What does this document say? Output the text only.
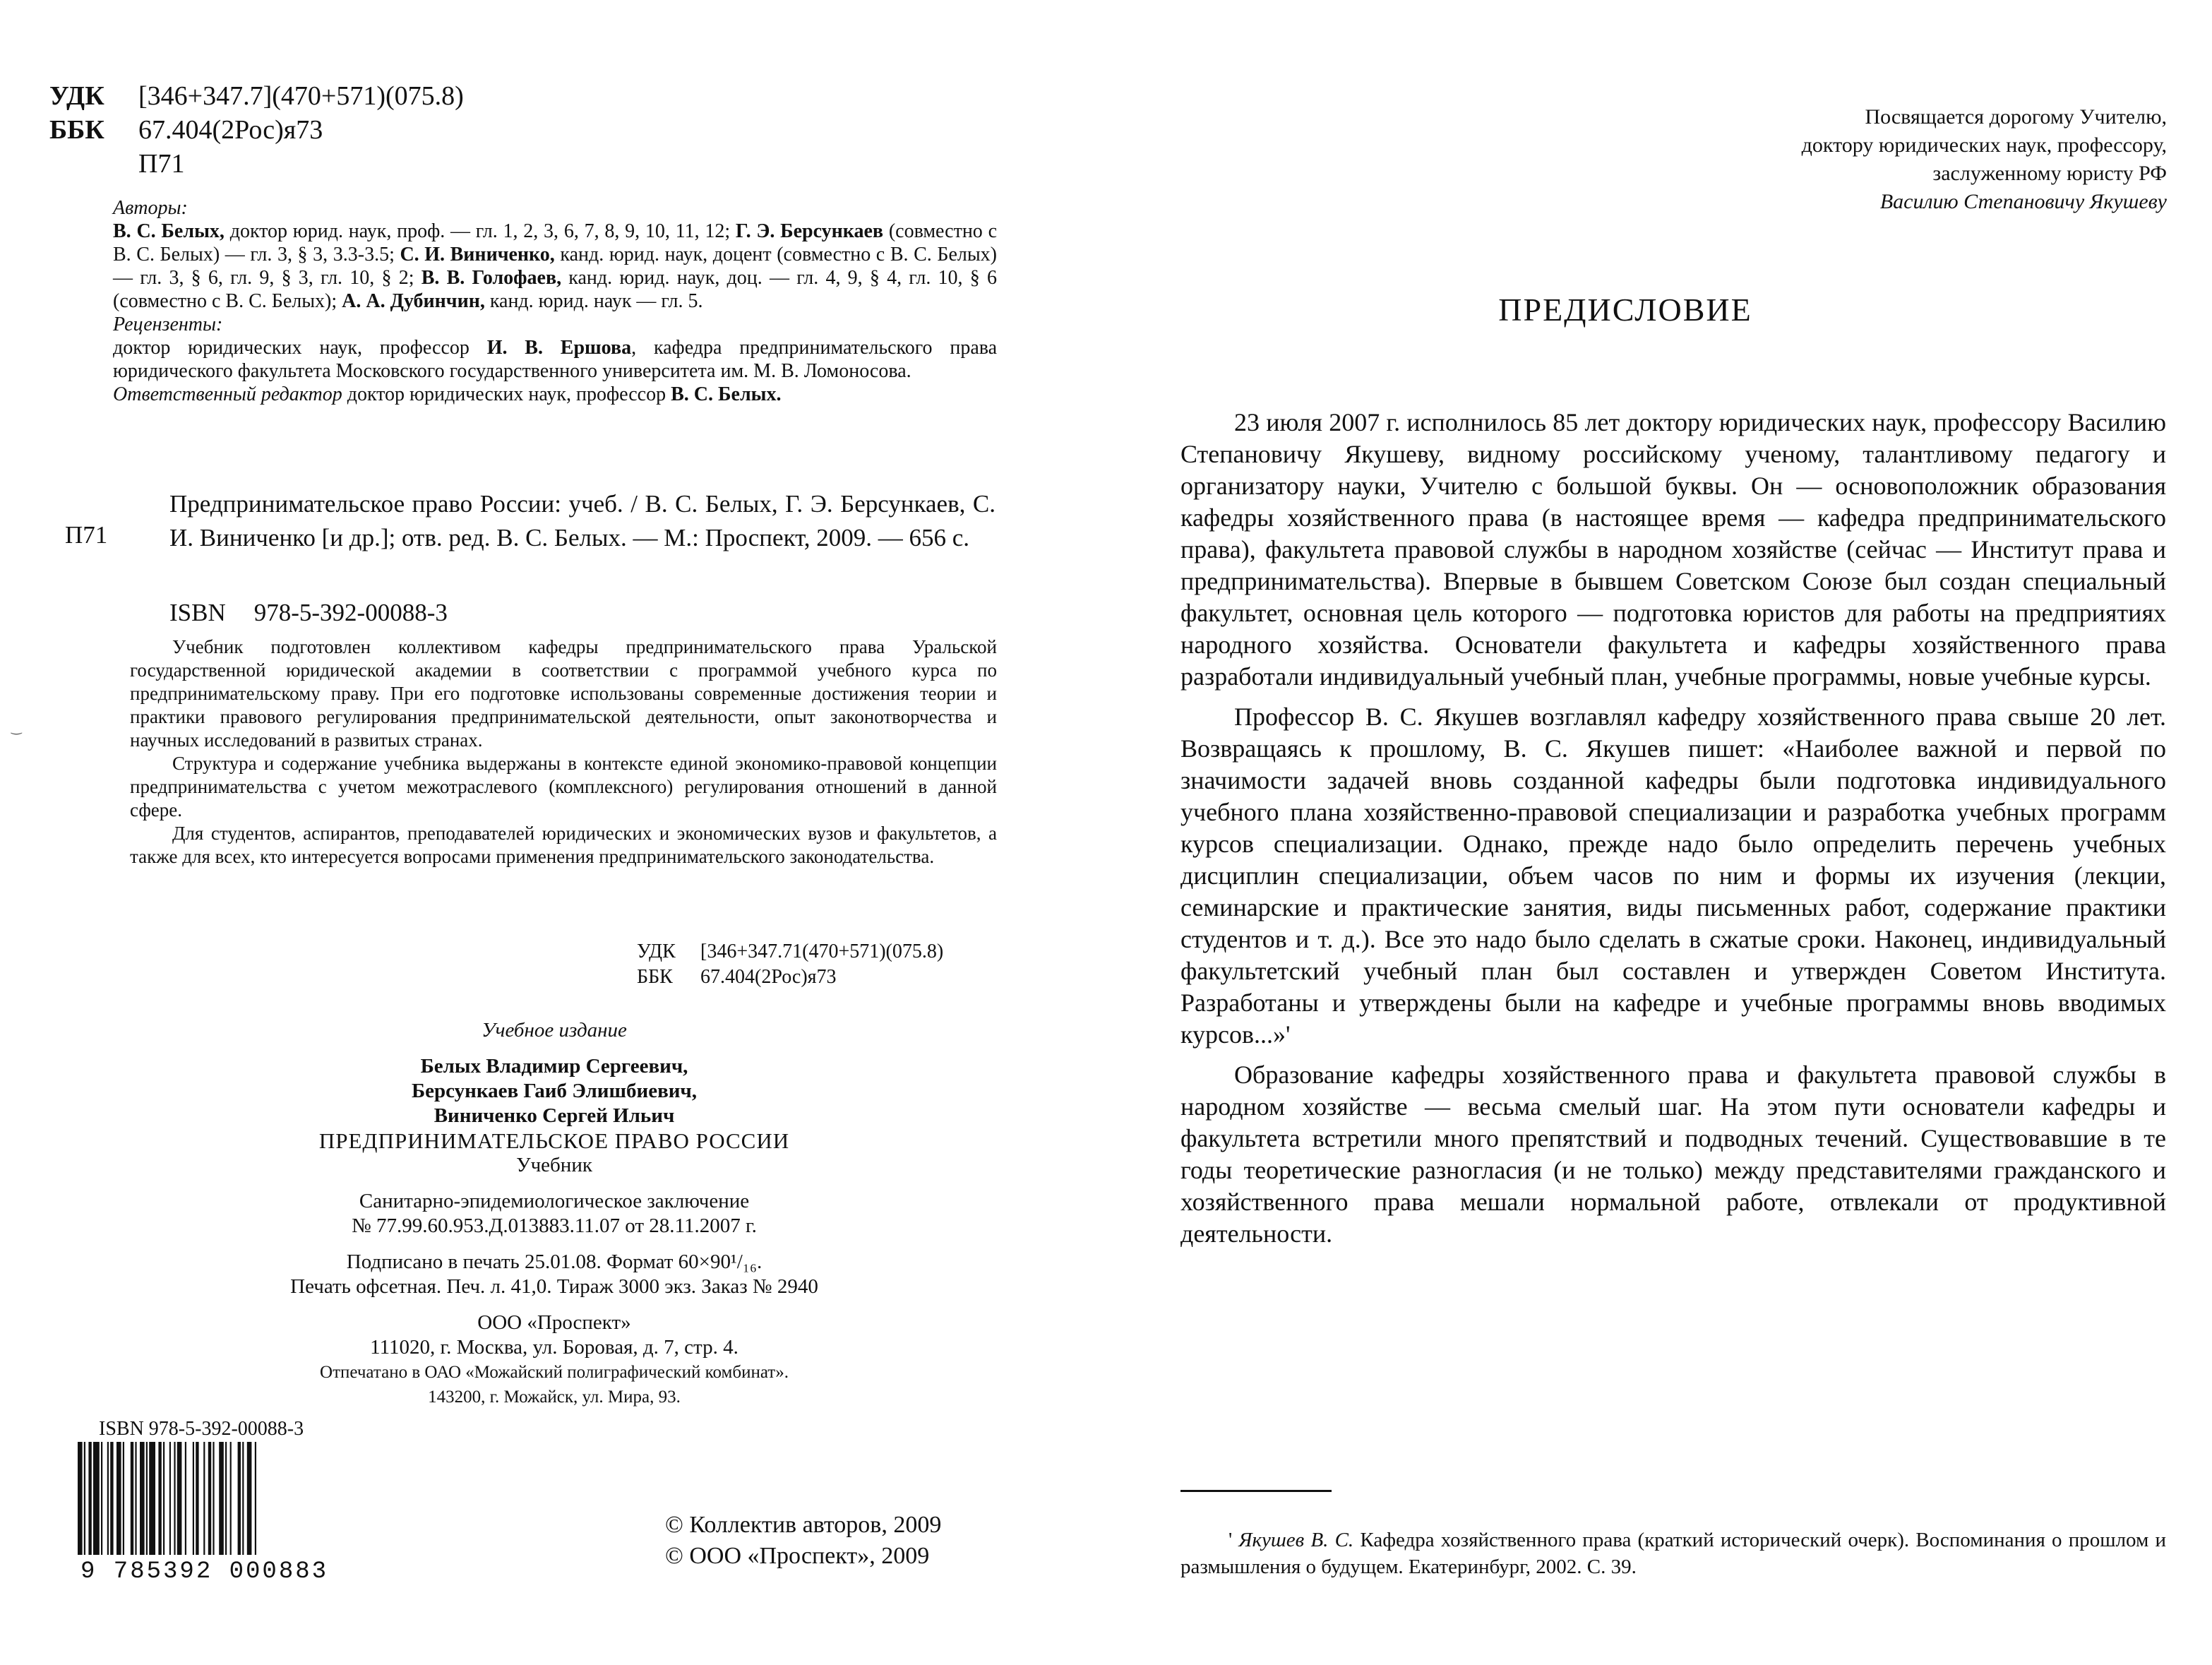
‿
УДК	[346+347.7](470+571)(075.8)
ББК	67.404(2Рос)я73
П71

Авторы:

В. С. Белых, доктор юрид. наук, проф. — гл. 1, 2, 3, 6, 7, 8, 9, 10, 11, 12; Г. Э. Берсункаев (совместно с В. С. Белых) — гл. 3, § 3, 3.3-3.5; С. И. Виниченко, канд. юрид. наук, доцент (совместно с В. С. Белых) — гл. 3, § 6, гл. 9, § 3, гл. 10, § 2; В. В. Голофаев, канд. юрид. наук, доц. — гл. 4, 9, § 4, гл. 10, § 6 (совместно с В. С. Белых); А. А. Дубинчин, канд. юрид. наук — гл. 5.

Рецензенты:

доктор юридических наук, профессор И. В. Ершова, кафедра предпринимательского права юридического факультета Московского государственного университета им. М. В. Ломоносова.

Ответственный редактор доктор юридических наук, профессор В. С. Белых.

П71
Предпринимательское право России: учеб. / В. С. Белых, Г. Э. Берсункаев, С. И. Виниченко [и др.]; отв. ред. В. С. Белых. — М.: Проспект, 2009. — 656 с.
ISBN 978-5-392-00088-3

Учебник подготовлен коллективом кафедры предпринимательского права Уральской государственной юридической академии в соответствии с программой учебного курса по предпринимательскому праву. При его подготовке использованы современные достижения теории и практики правового регулирования предпринимательской деятельности, опыт законотворчества и научных исследований в развитых странах.

Структура и содержание учебника выдержаны в контексте единой экономико-правовой концепции предпринимательства с учетом межотраслевого (комплексного) регулирования отношений в данной сфере.

Для студентов, аспирантов, преподавателей юридических и экономических вузов и факультетов, а также для всех, кто интересуется вопросами применения предпринимательского законодательства.

УДК	[346+347.71(470+571)(075.8)
ББК	67.404(2Рос)я73
Учебное издание
Белых Владимир Сергеевич,
Берсункаев Гаиб Элишбиевич,
Виниченко Сергей Ильич
ПРЕДПРИНИМАТЕЛЬСКОЕ ПРАВО РОССИИ
Учебник
Санитарно-эпидемиологическое заключение
№ 77.99.60.953.Д.013883.11.07 от 28.11.2007 г.
Подписано в печать 25.01.08. Формат 60×90¹/₁₆.
Печать офсетная. Печ. л. 41,0. Тираж 3000 экз. Заказ № 2940
ООО «Проспект»
111020, г. Москва, ул. Боровая, д. 7, стр. 4.
Отпечатано в ОАО «Можайский полиграфический комбинат».
143200, г. Можайск, ул. Мира, 93.
ISBN 978-5-392-00088-3
9 785392 000883
© Коллектив авторов, 2009
© ООО «Проспект», 2009
Посвящается дорогому Учителю,
доктору юридических наук, профессору,
заслуженному юристу РФ
Василию Степановичу Якушеву
ПРЕДИСЛОВИЕ

23 июля 2007 г. исполнилось 85 лет доктору юридических наук, профессору Василию Степановичу Якушеву, видному российскому ученому, талантливому педагогу и организатору науки, Учителю с большой буквы. Он — основоположник образования кафедры хозяйственного права (в настоящее время — кафедра предпринимательского права), факультета правовой службы в народном хозяйстве (сейчас — Институт права и предпринимательства). Впервые в бывшем Советском Союзе был создан специальный факультет, основная цель которого — подготовка юристов для работы на предприятиях народного хозяйства. Основатели факультета и кафедры хозяйственного права разработали индивидуальный учебный план, учебные программы, новые учебные курсы.

Профессор В. С. Якушев возглавлял кафедру хозяйственного права свыше 20 лет. Возвращаясь к прошлому, В. С. Якушев пишет: «Наиболее важной и первой по значимости задачей вновь созданной кафедры были подготовка индивидуального учебного плана хозяйственно-правовой специализации и разработка учебных программ курсов специализации. Однако, прежде надо было определить перечень учебных дисциплин специализации, объем часов по ним и формы их изучения (лекции, семинарские и практические занятия, виды письменных работ, содержание практики студентов и т. д.). Все это надо было сделать в сжатые сроки. Наконец, индивидуальный факультетский учебный план был составлен и утвержден Советом Института. Разработаны и утверждены были на кафедре и учебные программы вновь вводимых курсов...»'

Образование кафедры хозяйственного права и факультета правовой службы в народном хозяйстве — весьма смелый шаг. На этом пути основатели кафедры и факультета встретили много препятствий и подводных течений. Существовавшие в те годы теоретические разногласия (и не только) между представителями гражданского и хозяйственного права мешали нормальной работе, отвлекали от продуктивной деятельности.

' Якушев В. С. Кафедра хозяйственного права (краткий исторический очерк). Воспоминания о прошлом и размышления о будущем. Екатеринбург, 2002. С. 39.
